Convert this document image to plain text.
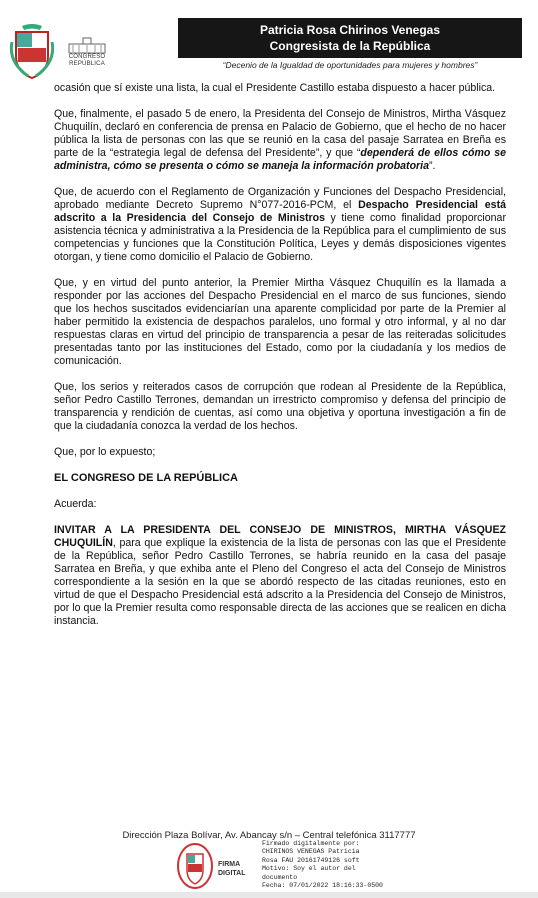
CONGRESO REPÚBLICA
Patricia Rosa Chirinos Venegas
Congresista de la República
“Decenio de la Igualdad de oportunidades para mujeres y hombres”

ocasión que sí existe una lista, la cual el Presidente Castillo estaba dispuesto a hacer pública.

Que, finalmente, el pasado 5 de enero, la Presidenta del Consejo de Ministros, Mirtha Vásquez Chuquilín, declaró en conferencia de prensa en Palacio de Gobierno, que el hecho de no hacer pública la lista de personas con las que se reunió en la casa del pasaje Sarratea en Breña es parte de la “estrategia legal de defensa del Presidente”, y que “dependerá de ellos cómo se administra, cómo se presenta o cómo se maneja la información probatoria”.

Que, de acuerdo con el Reglamento de Organización y Funciones del Despacho Presidencial, aprobado mediante Decreto Supremo N°077-2016-PCM, el Despacho Presidencial está adscrito a la Presidencia del Consejo de Ministros y tiene como finalidad proporcionar asistencia técnica y administrativa a la Presidencia de la República para el cumplimiento de sus competencias y funciones que la Constitución Política, Leyes y demás disposiciones vigentes otorgan, y tiene como domicilio el Palacio de Gobierno.

Que, y en virtud del punto anterior, la Premier Mirtha Vásquez Chuquilín es la llamada a responder por las acciones del Despacho Presidencial en el marco de sus funciones, siendo que los hechos suscitados evidenciarían una aparente complicidad por parte de la Premier al haber permitido la existencia de despachos paralelos, uno formal y otro informal, y al no dar respuestas claras en virtud del principio de transparencia a pesar de las reiteradas solicitudes presentadas tanto por las instituciones del Estado, como por la ciudadanía y los medios de comunicación.

Que, los serios y reiterados casos de corrupción que rodean al Presidente de la República, señor Pedro Castillo Terrones, demandan un irrestricto compromiso y defensa del principio de transparencia y rendición de cuentas, así como una objetiva y oportuna investigación a fin de que la ciudadanía conozca la verdad de los hechos.

Que, por lo expuesto;

EL CONGRESO DE LA REPÚBLICA

Acuerda:

INVITAR A LA PRESIDENTA DEL CONSEJO DE MINISTROS, MIRTHA VÁSQUEZ CHUQUILÍN, para que explique la existencia de la lista de personas con las que el Presidente de la República, señor Pedro Castillo Terrones, se habría reunido en la casa del pasaje Sarratea en Breña, y que exhiba ante el Pleno del Congreso el acta del Consejo de Ministros correspondiente a la sesión en la que se abordó respecto de las citadas reuniones, esto en virtud de que el Despacho Presidencial está adscrito a la Presidencia del Consejo de Ministros, por lo que la Premier resulta como responsable directa de las acciones que se realicen en dicha instancia.

Dirección Plaza Bolívar, Av. Abancay s/n – Central telefónica 3117777
FIRMA DIGITAL
Firmado digitalmente por:
CHIRINOS VENEGAS Patricia
Rosa FAU 20161749126 soft
Motivo: Soy el autor del
documento
Fecha: 07/01/2022 18:16:33-0500
